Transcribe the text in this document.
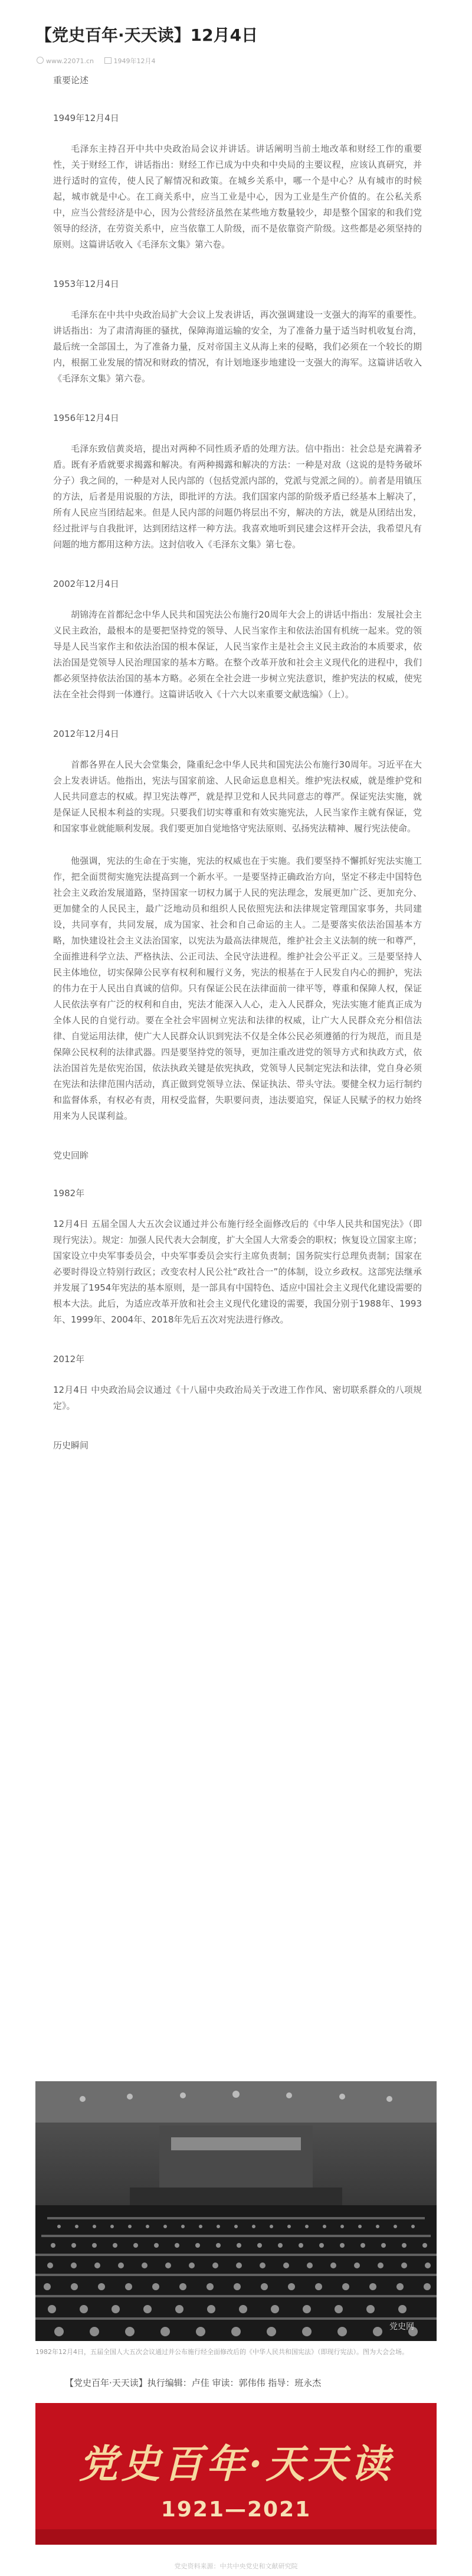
【党史百年·天天读】12月4日
www.22071.cn	1949年12月4
重要论述
1949年12月4日

毛泽东主持召开中共中央政治局会议并讲话。讲话阐明当前土地改革和财经工作的重要性，关于财经工作，讲话指出：财经工作已成为中央和中央局的主要议程，应该认真研究，并进行适时的宣传，使人民了解情况和政策。在城乡关系中，哪一个是中心？从有城市的时候起，城市就是中心。在工商关系中，应当工业是中心，因为工业是生产价值的。在公私关系中，应当公营经济是中心，因为公营经济虽然在某些地方数量较少，却是整个国家的和我们党领导的经济，在劳资关系中，应当依靠工人阶级，而不是依靠资产阶级。这些都是必须坚持的原则。这篇讲话收入《毛泽东文集》第六卷。

1953年12月4日

毛泽东在中共中央政治局扩大会议上发表讲话，再次强调建设一支强大的海军的重要性。讲话指出：为了肃清海匪的骚扰，保障海道运输的安全，为了准备力量于适当时机收复台湾，最后统一全部国土，为了准备力量，反对帝国主义从海上来的侵略，我们必须在一个较长的期内，根据工业发展的情况和财政的情况，有计划地逐步地建设一支强大的海军。这篇讲话收入《毛泽东文集》第六卷。

1956年12月4日

毛泽东致信黄炎培，提出对两种不同性质矛盾的处理方法。信中指出：社会总是充满着矛盾。既有矛盾就要求揭露和解决。有两种揭露和解决的方法：一种是对敌（这说的是特务破坏分子）我之间的，一种是对人民内部的（包括党派内部的，党派与党派之间的）。前者是用镇压的方法，后者是用说服的方法，即批评的方法。我们国家内部的阶级矛盾已经基本上解决了，所有人民应当团结起来。但是人民内部的问题仍将层出不穷，解决的方法，就是从团结出发，经过批评与自我批评，达到团结这样一种方法。我喜欢地听到民建会这样开会法，我希望凡有问题的地方都用这种方法。这封信收入《毛泽东文集》第七卷。

2002年12月4日

胡锦涛在首都纪念中华人民共和国宪法公布施行20周年大会上的讲话中指出：发展社会主义民主政治，最根本的是要把坚持党的领导、人民当家作主和依法治国有机统一起来。党的领导是人民当家作主和依法治国的根本保证，人民当家作主是社会主义民主政治的本质要求，依法治国是党领导人民治理国家的基本方略。在整个改革开放和社会主义现代化的进程中，我们都必须坚持依法治国的基本方略。必须在全社会进一步树立宪法意识，维护宪法的权威，使宪法在全社会得到一体遵行。这篇讲话收入《十六大以来重要文献选编》（上）。

2012年12月4日

首都各界在人民大会堂集会，隆重纪念中华人民共和国宪法公布施行30周年。习近平在大会上发表讲话。他指出，宪法与国家前途、人民命运息息相关。维护宪法权威，就是维护党和人民共同意志的权威。捍卫宪法尊严，就是捍卫党和人民共同意志的尊严。保证宪法实施，就是保证人民根本利益的实现。只要我们切实尊重和有效实施宪法，人民当家作主就有保证，党和国家事业就能顺利发展。我们要更加自觉地恪守宪法原则、弘扬宪法精神、履行宪法使命。

他强调，宪法的生命在于实施，宪法的权威也在于实施。我们要坚持不懈抓好宪法实施工作，把全面贯彻实施宪法提高到一个新水平。一是要坚持正确政治方向，坚定不移走中国特色社会主义政治发展道路，坚持国家一切权力属于人民的宪法理念，发展更加广泛、更加充分、更加健全的人民民主，最广泛地动员和组织人民依照宪法和法律规定管理国家事务，共同建设，共同享有，共同发展，成为国家、社会和自己命运的主人。二是要落实依法治国基本方略，加快建设社会主义法治国家，以宪法为最高法律规范，维护社会主义法制的统一和尊严，全面推进科学立法、严格执法、公正司法、全民守法进程。维护社会公平正义。三是要坚持人民主体地位，切实保障公民享有权利和履行义务，宪法的根基在于人民发自内心的拥护，宪法的伟力在于人民出自真诚的信仰。只有保证公民在法律面前一律平等，尊重和保障人权，保证人民依法享有广泛的权利和自由，宪法才能深入人心，走入人民群众，宪法实施才能真正成为全体人民的自觉行动。要在全社会牢固树立宪法和法律的权威，让广大人民群众充分相信法律、自觉运用法律，使广大人民群众认识到宪法不仅是全体公民必须遵循的行为规范，而且是保障公民权利的法律武器。四是要坚持党的领导，更加注重改进党的领导方式和执政方式，依法治国首先是依宪治国，依法执政关键是依宪执政，党领导人民制定宪法和法律，党自身必须在宪法和法律范围内活动，真正做到党领导立法、保证执法、带头守法。要健全权力运行制约和监督体系，有权必有责，用权受监督，失职要问责，违法要追究，保证人民赋予的权力始终用来为人民谋利益。

党史回眸
1982年

12月4日 五届全国人大五次会议通过并公布施行经全面修改后的《中华人民共和国宪法》（即现行宪法）。规定：加强人民代表大会制度，扩大全国人大常委会的职权；恢复设立国家主席；国家设立中央军事委员会，中央军事委员会实行主席负责制；国务院实行总理负责制；国家在必要时得设立特别行政区；改变农村人民公社“政社合一”的体制，设立乡政权。这部宪法继承并发展了1954年宪法的基本原则，是一部具有中国特色、适应中国社会主义现代化建设需要的根本大法。此后，为适应改革开放和社会主义现代化建设的需要，我国分别于1988年、1993年、1999年、2004年、2018年先后五次对宪法进行修改。

2012年

12月4日 中央政治局会议通过《十八届中央政治局关于改进工作作风、密切联系群众的八项规定》。

历史瞬间
党史网
1982年12月4日，五届全国人大五次会议通过并公布施行经全面修改后的《中华人民共和国宪法》（即现行宪法）。图为大会会场。
【党史百年·天天读】执行编辑：卢佳 审读：郭伟伟 指导：班永杰
党史百年·天天读
1921—2021
党史资料来源：中共中央党史和文献研究院
